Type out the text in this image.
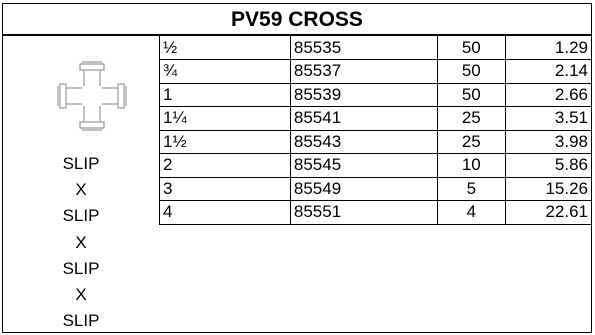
PV59 CROSS
SLIP
X
SLIP
X
SLIP
X
SLIP
½	85535	50	1.29
¾	85537	50	2.14
1	85539	50	2.66
1¼	85541	25	3.51
1½	85543	25	3.98
2	85545	10	5.86
3	85549	5	15.26
4	85551	4	22.61
